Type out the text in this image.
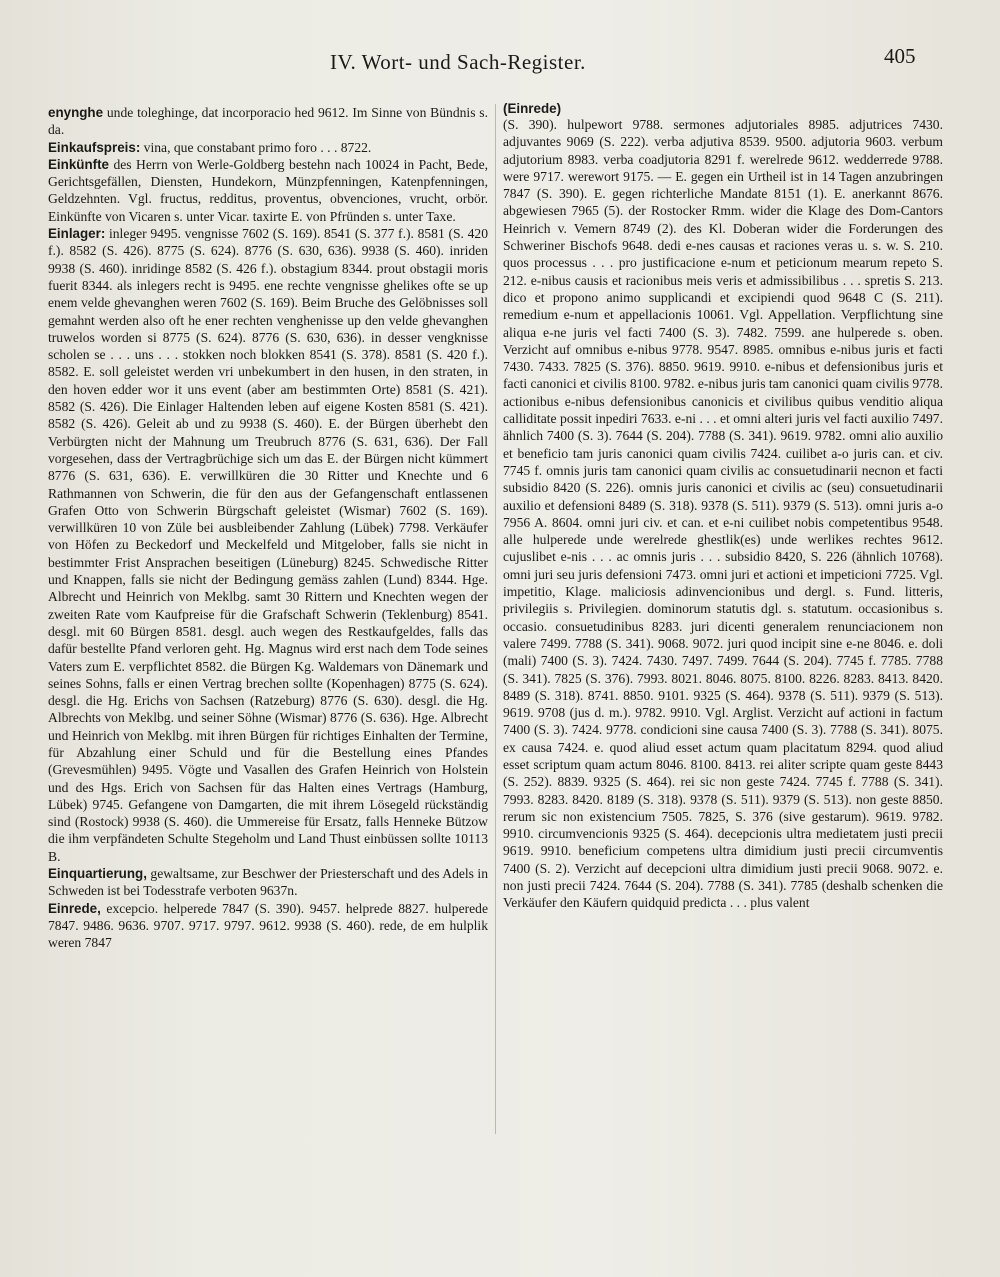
IV. Wort- und Sach-Register.	405

enynghe unde toleghinge, dat incorporacio hed 9612. Im Sinne von Bündnis s. da.

Einkaufspreis: vina, que constabant primo foro . . . 8722.

Einkünfte des Herrn von Werle-Goldberg bestehn nach 10024 in Pacht, Bede, Gerichtsgefällen, Diensten, Hundekorn, Münzpfenningen, Katenpfenningen, Geldzehnten. Vgl. fructus, redditus, proventus, obvenciones, vrucht, orbör. Einkünfte von Vicaren s. unter Vicar. taxirte E. von Pfründen s. unter Taxe.

Einlager: inleger 9495. vengnisse 7602 (S. 169). 8541 (S. 377 f.). 8581 (S. 420 f.). 8582 (S. 426). 8775 (S. 624). 8776 (S. 630, 636). 9938 (S. 460). inriden 9938 (S. 460). inridinge 8582 (S. 426 f.). obstagium 8344. prout obstagii moris fuerit 8344. als inlegers recht is 9495. ene rechte vengnisse ghelikes ofte se up enem velde ghevanghen weren 7602 (S. 169). Beim Bruche des Gelöbnisses soll gemahnt werden also oft he ener rechten venghenisse up den velde ghevanghen truwelos worden si 8775 (S. 624). 8776 (S. 630, 636). in desser vengknisse scholen se . . . uns . . . stokken noch blokken 8541 (S. 378). 8581 (S. 420 f.). 8582. E. soll geleistet werden vri unbekumbert in den husen, in den straten, in den hoven edder wor it uns event (aber am bestimmten Orte) 8581 (S. 421). 8582 (S. 426). Die Einlager Haltenden leben auf eigene Kosten 8581 (S. 421). 8582 (S. 426). Geleit ab und zu 9938 (S. 460). E. der Bürgen überhebt den Verbürgten nicht der Mahnung um Treubruch 8776 (S. 631, 636). Der Fall vorgesehen, dass der Vertragbrüchige sich um das E. der Bürgen nicht kümmert 8776 (S. 631, 636). E. verwillküren die 30 Ritter und Knechte und 6 Rathmannen von Schwerin, die für den aus der Gefangenschaft entlassenen Grafen Otto von Schwerin Bürgschaft geleistet (Wismar) 7602 (S. 169). verwillküren 10 von Züle bei ausbleibender Zahlung (Lübek) 7798. Verkäufer von Höfen zu Beckedorf und Meckelfeld und Mitgelober, falls sie nicht in bestimmter Frist Ansprachen beseitigen (Lüneburg) 8245. Schwedische Ritter und Knappen, falls sie nicht der Bedingung gemäss zahlen (Lund) 8344. Hge. Albrecht und Heinrich von Meklbg. samt 30 Rittern und Knechten wegen der zweiten Rate vom Kaufpreise für die Grafschaft Schwerin (Teklenburg) 8541. desgl. mit 60 Bürgen 8581. desgl. auch wegen des Restkaufgeldes, falls das dafür bestellte Pfand verloren geht. Hg. Magnus wird erst nach dem Tode seines Vaters zum E. verpflichtet 8582. die Bürgen Kg. Waldemars von Dänemark und seines Sohns, falls er einen Vertrag brechen sollte (Kopenhagen) 8775 (S. 624). desgl. die Hg. Erichs von Sachsen (Ratzeburg) 8776 (S. 630). desgl. die Hg. Albrechts von Meklbg. und seiner Söhne (Wismar) 8776 (S. 636). Hge. Albrecht und Heinrich von Meklbg. mit ihren Bürgen für richtiges Einhalten der Termine, für Abzahlung einer Schuld und für die Bestellung eines Pfandes (Grevesmühlen) 9495. Vögte und Vasallen des Grafen Heinrich von Holstein und des Hgs. Erich von Sachsen für das Halten eines Vertrags (Hamburg, Lübek) 9745. Gefangene von Damgarten, die mit ihrem Lösegeld rückständig sind (Rostock) 9938 (S. 460). die Ummereise für Ersatz, falls Henneke Bützow die ihm verpfändeten Schulte Stegeholm und Land Thust einbüssen sollte 10113 B.

Einquartierung, gewaltsame, zur Beschwer der Priesterschaft und des Adels in Schweden ist bei Todesstrafe verboten 9637n.

Einrede, excepcio. helperede 7847 (S. 390). 9457. helprede 8827. hulperede 7847. 9486. 9636. 9707. 9717. 9797. 9612. 9938 (S. 460). rede, de em hulplik weren 7847

(Einrede)

(S. 390). hulpewort 9788. sermones adjutoriales 8985. adjutrices 7430. adjuvantes 9069 (S. 222). verba adjutiva 8539. 9500. adjutoria 9603. verbum adjutorium 8983. verba coadjutoria 8291 f. werelrede 9612. wedderrede 9788. were 9717. werewort 9175. — E. gegen ein Urtheil ist in 14 Tagen anzubringen 7847 (S. 390). E. gegen richterliche Mandate 8151 (1). E. anerkannt 8676. abgewiesen 7965 (5). der Rostocker Rmm. wider die Klage des Dom-Cantors Heinrich v. Vemern 8749 (2). des Kl. Doberan wider die Forderungen des Schweriner Bischofs 9648. dedi e-nes causas et raciones veras u. s. w. S. 210. quos processus . . . pro justificacione e-num et peticionum mearum repeto S. 212. e-nibus causis et racionibus meis veris et admissibilibus . . . spretis S. 213. dico et propono animo supplicandi et excipiendi quod 9648 C (S. 211). remedium e-num et appellacionis 10061. Vgl. Appellation. Verpflichtung sine aliqua e-ne juris vel facti 7400 (S. 3). 7482. 7599. ane hulperede s. oben. Verzicht auf omnibus e-nibus 9778. 9547. 8985. omnibus e-nibus juris et facti 7430. 7433. 7825 (S. 376). 8850. 9619. 9910. e-nibus et defensionibus juris et facti canonici et civilis 8100. 9782. e-nibus juris tam canonici quam civilis 9778. actionibus e-nibus defensionibus canonicis et civilibus quibus venditio aliqua calliditate possit inpediri 7633. e-ni . . . et omni alteri juris vel facti auxilio 7497. ähnlich 7400 (S. 3). 7644 (S. 204). 7788 (S. 341). 9619. 9782. omni alio auxilio et beneficio tam juris canonici quam civilis 7424. cuilibet a-o juris can. et civ. 7745 f. omnis juris tam canonici quam civilis ac consuetudinarii necnon et facti subsidio 8420 (S. 226). omnis juris canonici et civilis ac (seu) consuetudinarii auxilio et defensioni 8489 (S. 318). 9378 (S. 511). 9379 (S. 513). omni juris a-o 7956 A. 8604. omni juri civ. et can. et e-ni cuilibet nobis competentibus 9548. alle hulperede unde werelrede ghestlik(es) unde werlikes rechtes 9612. cujuslibet e-nis . . . ac omnis juris . . . subsidio 8420, S. 226 (ähnlich 10768). omni juri seu juris defensioni 7473. omni juri et actioni et impeticioni 7725. Vgl. impetitio, Klage. maliciosis adinvencionibus und dergl. s. Fund. litteris, privilegiis s. Privilegien. dominorum statutis dgl. s. statutum. occasionibus s. occasio. consuetudinibus 8283. juri dicenti generalem renunciacionem non valere 7499. 7788 (S. 341). 9068. 9072. juri quod incipit sine e-ne 8046. e. doli (mali) 7400 (S. 3). 7424. 7430. 7497. 7499. 7644 (S. 204). 7745 f. 7785. 7788 (S. 341). 7825 (S. 376). 7993. 8021. 8046. 8075. 8100. 8226. 8283. 8413. 8420. 8489 (S. 318). 8741. 8850. 9101. 9325 (S. 464). 9378 (S. 511). 9379 (S. 513). 9619. 9708 (jus d. m.). 9782. 9910. Vgl. Arglist. Verzicht auf actioni in factum 7400 (S. 3). 7424. 9778. condicioni sine causa 7400 (S. 3). 7788 (S. 341). 8075. ex causa 7424. e. quod aliud esset actum quam placitatum 8294. quod aliud esset scriptum quam actum 8046. 8100. 8413. rei aliter scripte quam geste 8443 (S. 252). 8839. 9325 (S. 464). rei sic non geste 7424. 7745 f. 7788 (S. 341). 7993. 8283. 8420. 8189 (S. 318). 9378 (S. 511). 9379 (S. 513). non geste 8850. rerum sic non existencium 7505. 7825, S. 376 (sive gestarum). 9619. 9782. 9910. circumvencionis 9325 (S. 464). decepcionis ultra medietatem justi precii 9619. 9910. beneficium competens ultra dimidium justi precii circumventis 7400 (S. 2). Verzicht auf decepcioni ultra dimidium justi precii 9068. 9072. e. non justi precii 7424. 7644 (S. 204). 7788 (S. 341). 7785 (deshalb schenken die Verkäufer den Käufern quidquid predicta . . . plus valent
